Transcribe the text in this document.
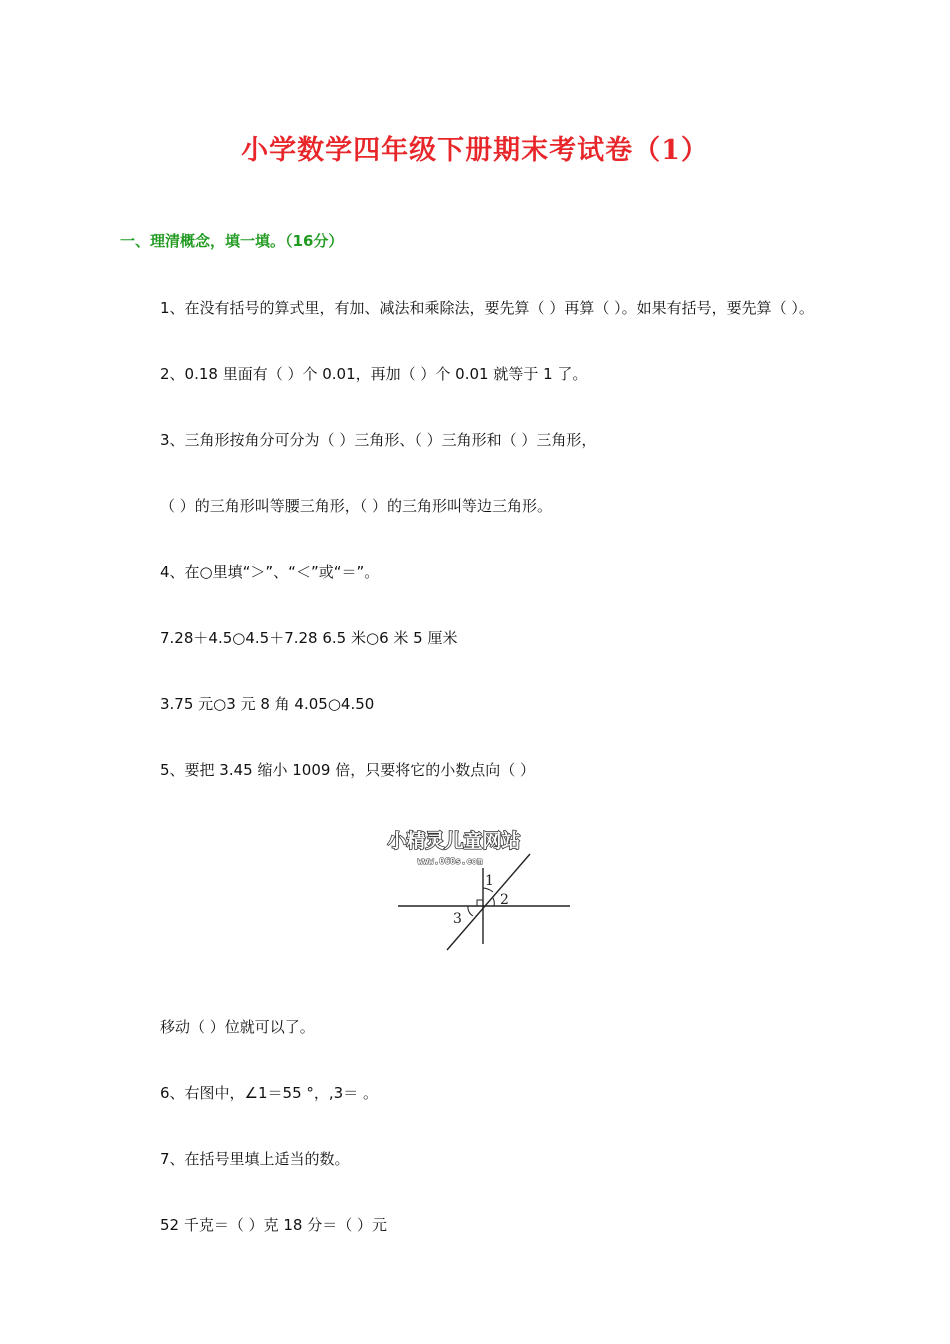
小学数学四年级下册期末考试卷（1）

一、理清概念，填一填。（16分）

1、在没有括号的算式里，有加、减法和乘除法，要先算（ ）再算（ ）。如果有括号，要先算（ ）。

2、0.18 里面有（ ）个 0.01，再加（ ）个 0.01 就等于 1 了。

3、三角形按角分可分为（ ）三角形、（ ）三角形和（ ）三角形，

（ ）的三角形叫等腰三角形，（ ）的三角形叫等边三角形。

4、在○里填“＞”、“＜”或“＝”。

7.28＋4.5○4.5＋7.28 6.5 米○6 米 5 厘米

3.75 元○3 元 8 角 4.05○4.50

5、要把 3.45 缩小 1009 倍，只要将它的小数点向（ ）

小精灵儿童网站
www.060s.com
1
2
3

移动（ ）位就可以了。

6、右图中，∠1＝55 °，,3＝ 。

7、在括号里填上适当的数。

52 千克＝（ ）克 18 分＝（ ）元
